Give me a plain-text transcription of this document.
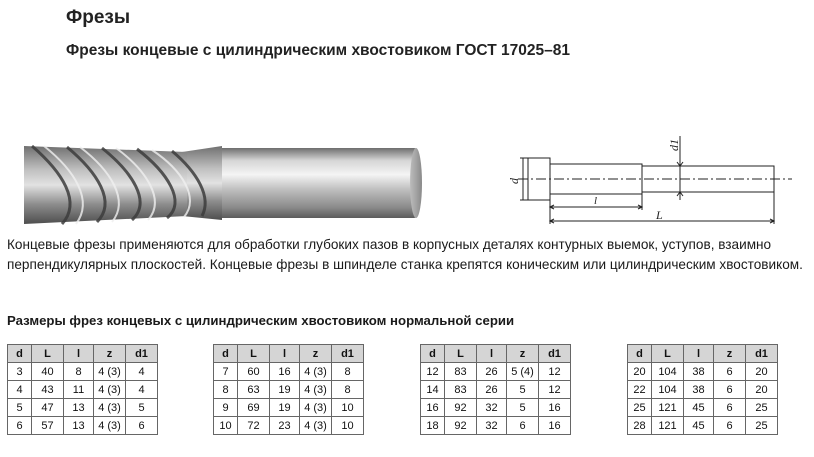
Фрезы
Фрезы концевые с цилиндрическим хвостовиком ГОСТ 17025–81
d
d1
l
L
Концевые фрезы применяются для обработки глубоких пазов в корпусных деталях контурных выемок, уступов, взаимно перпендикулярных плоскостей. Концевые фрезы в шпинделе станка крепятся коническим или цилиндрическим хвостовиком.
Размеры фрез концевых с цилиндрическим хвостовиком нормальной серии
d	L	l	z	d1
3	40	8	4 (3)	4
4	43	11	4 (3)	4
5	47	13	4 (3)	5
6	57	13	4 (3)	6
d	L	l	z	d1
7	60	16	4 (3)	8
8	63	19	4 (3)	8
9	69	19	4 (3)	10
10	72	23	4 (3)	10
d	L	l	z	d1
12	83	26	5 (4)	12
14	83	26	5	12
16	92	32	5	16
18	92	32	6	16
d	L	l	z	d1
20	104	38	6	20
22	104	38	6	20
25	121	45	6	25
28	121	45	6	25
